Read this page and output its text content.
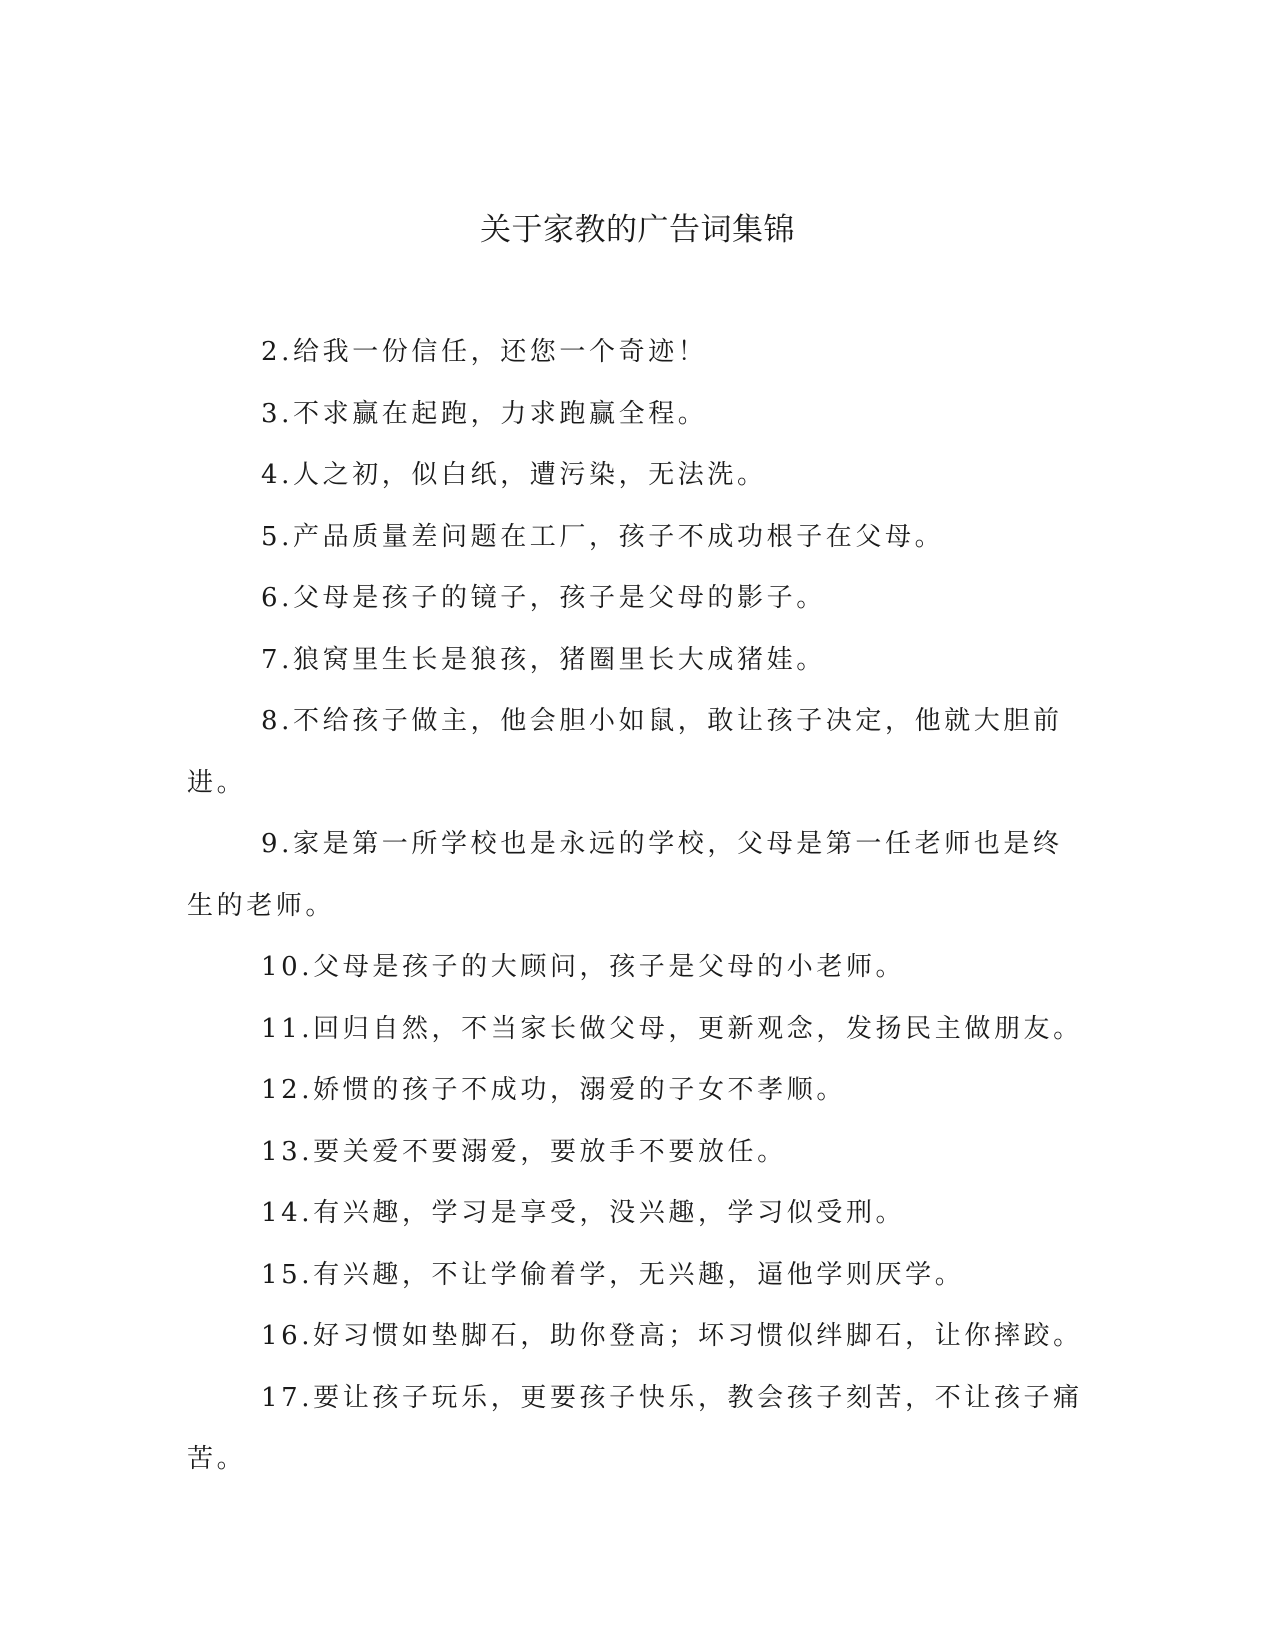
关于家教的广告词集锦

2.给我一份信任，还您一个奇迹！

3.不求赢在起跑，力求跑赢全程。

4.人之初，似白纸，遭污染，无法洗。

5.产品质量差问题在工厂，孩子不成功根子在父母。

6.父母是孩子的镜子，孩子是父母的影子。

7.狼窝里生长是狼孩，猪圈里长大成猪娃。

8.不给孩子做主，他会胆小如鼠，敢让孩子决定，他就大胆前进。

9.家是第一所学校也是永远的学校，父母是第一任老师也是终生的老师。

10.父母是孩子的大顾问，孩子是父母的小老师。

11.回归自然，不当家长做父母，更新观念，发扬民主做朋友。

12.娇惯的孩子不成功，溺爱的子女不孝顺。

13.要关爱不要溺爱，要放手不要放任。

14.有兴趣，学习是享受，没兴趣，学习似受刑。

15.有兴趣，不让学偷着学，无兴趣，逼他学则厌学。

16.好习惯如垫脚石，助你登高；坏习惯似绊脚石，让你摔跤。

17.要让孩子玩乐，更要孩子快乐，教会孩子刻苦，不让孩子痛苦。
